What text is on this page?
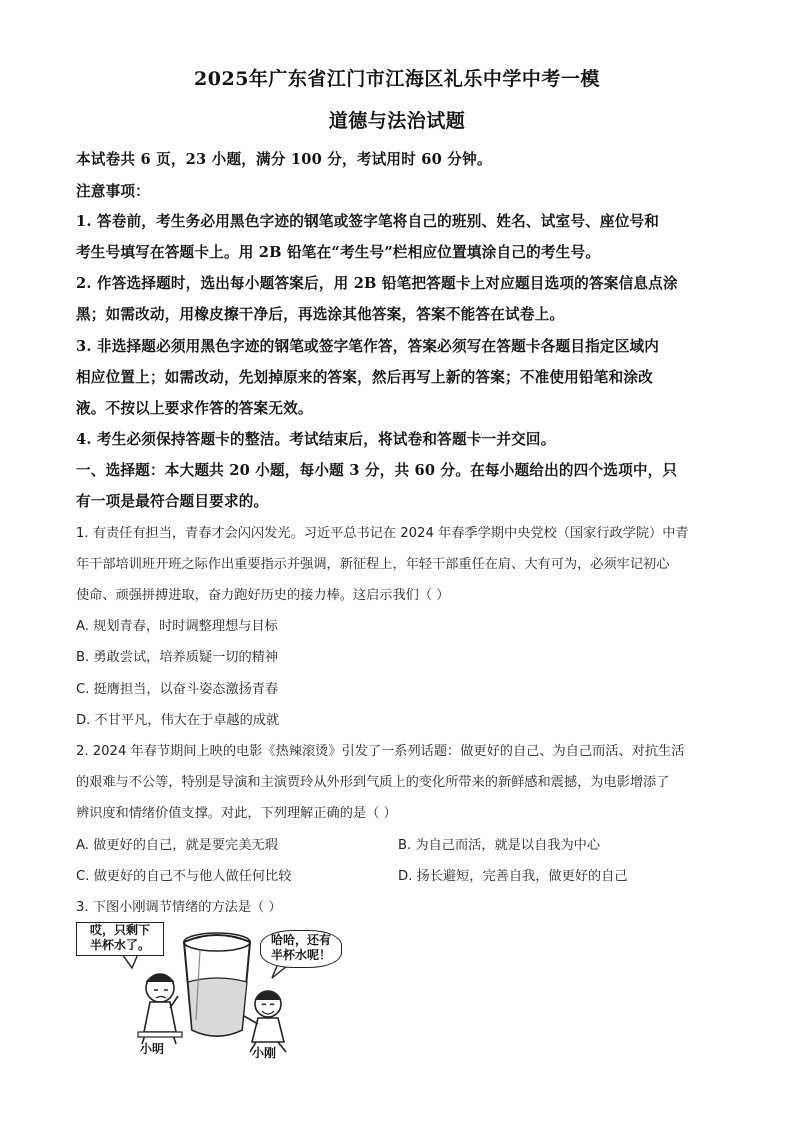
2025年广东省江门市江海区礼乐中学中考一模
道德与法治试题
本试卷共 6 页，23 小题，满分 100 分，考试用时 60 分钟。
注意事项：
1. 答卷前，考生务必用黑色字迹的钢笔或签字笔将自己的班别、姓名、试室号、座位号和
考生号填写在答题卡上。用 2B 铅笔在“考生号”栏相应位置填涂自己的考生号。
2. 作答选择题时，选出每小题答案后，用 2B 铅笔把答题卡上对应题目选项的答案信息点涂
黑；如需改动，用橡皮擦干净后，再选涂其他答案，答案不能答在试卷上。
3. 非选择题必须用黑色字迹的钢笔或签字笔作答，答案必须写在答题卡各题目指定区域内
相应位置上；如需改动，先划掉原来的答案，然后再写上新的答案；不准使用铅笔和涂改
液。不按以上要求作答的答案无效。
4. 考生必须保持答题卡的整洁。考试结束后，将试卷和答题卡一并交回。
一、选择题：本大题共 20 小题，每小题 3 分，共 60 分。在每小题给出的四个选项中，只
有一项是最符合题目要求的。
1. 有责任有担当，青春才会闪闪发光。习近平总书记在 2024 年春季学期中央党校（国家行政学院）中青
年干部培训班开班之际作出重要指示并强调，新征程上，年轻干部重任在肩、大有可为，必须牢记初心
使命、顽强拼搏进取，奋力跑好历史的接力棒。这启示我们（ ）
A. 规划青春，时时调整理想与目标
B. 勇敢尝试，培养质疑一切的精神
C. 挺膺担当，以奋斗姿态激扬青春
D. 不甘平凡，伟大在于卓越的成就
2. 2024 年春节期间上映的电影《热辣滚烫》引发了一系列话题：做更好的自己、为自己而活、对抗生活
的艰难与不公等，特别是导演和主演贾玲从外形到气质上的变化所带来的新鲜感和震撼，为电影增添了
辨识度和情绪价值支撑。对此，下列理解正确的是（ ）
A. 做更好的自己，就是要完美无瑕	B. 为自己而活，就是以自我为中心
C. 做更好的自己不与他人做任何比较	D. 扬长避短，完善自我，做更好的自己
3. 下图小刚调节情绪的方法是（ ）
哎，只剩下
半杯水了。	哈哈，还有
半杯水呢！
小明	小刚
